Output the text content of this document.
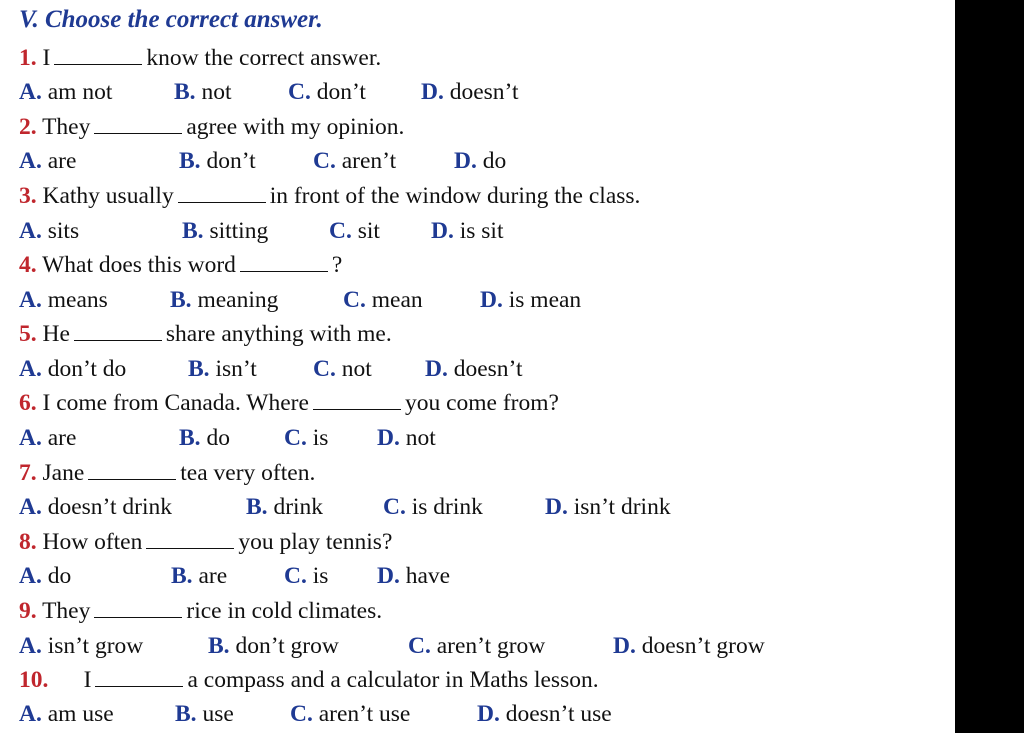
V. Choose the correct answer.
1. I	know the correct answer.
A. am not	B. not C. don’t D. doesn’t
2. They	agree with my opinion.
A. are	B. don’t C. aren’t D. do
3. Kathy usually	in front of the window during the class.
A. sits	B. sitting	C. sit D. is sit
4. What does this word	?
A. means	B. meaning	C. mean D. is mean
5. He	share anything with me.
A. don’t do	B. isn’t C. not D. doesn’t
6. I come from Canada. Where	you come from?
A. are	B. do C. is D. not
7. Jane	tea very often.
A. doesn’t drink	B. drink	C. is drink	D. isn’t drink
8. How often	you play tennis?
A. do	B. are C. is D. have
9. They	rice in cold climates.
A. isn’t grow	B. don’t grow	C. aren’t grow	D. doesn’t grow
10. I	a compass and a calculator in Maths lesson.
A. am use	B. use C. aren’t use	D. doesn’t use
